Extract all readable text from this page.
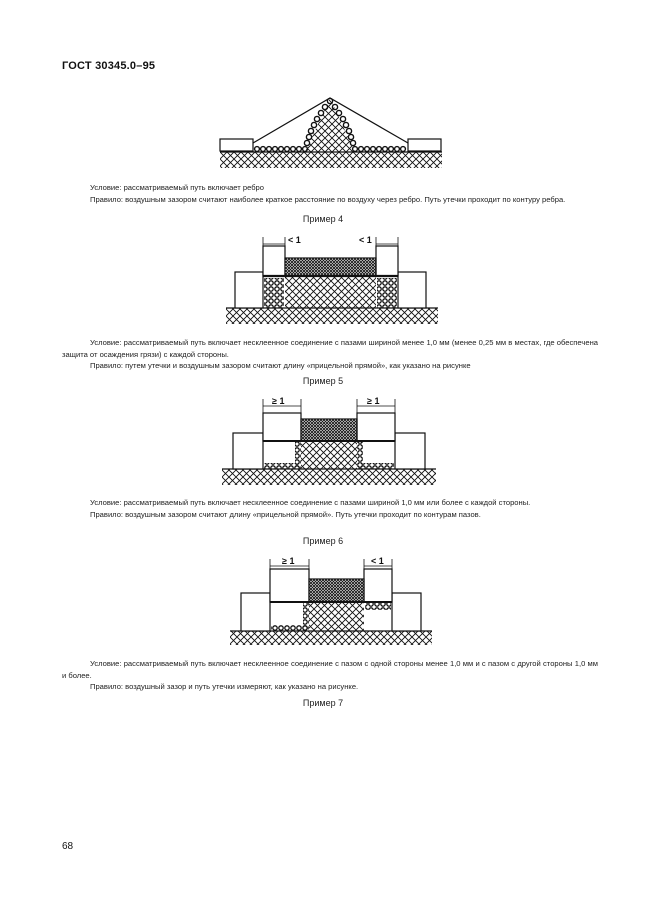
ГОСТ 30345.0–95

Условие: рассматриваемый путь включает ребро

Правило: воздушным зазором считают наиболее краткое расстояние по воздуху через ребро. Путь утечки проходит по контуру ребра.

Пример 4
< 1	< 1

Условие: рассматриваемый путь включает несклеенное соединение с пазами шириной менее 1,0 мм (менее 0,25 мм в местах, где обеспечена защита от осаждения грязи) с каждой стороны.

Правило: путем утечки и воздушным зазором считают длину «прицельной прямой», как указано на рисунке

Пример 5
≥ 1	≥ 1

Условие: рассматриваемый путь включает несклеенное соединение с пазами шириной 1,0 мм или более с каждой стороны.

Правило: воздушным зазором считают длину «прицельной прямой». Путь утечки проходит по контурам пазов.

Пример 6
≥ 1	< 1

Условие: рассматриваемый путь включает несклеенное соединение с пазом с одной стороны менее 1,0 мм и с пазом с другой стороны 1,0 мм и более.

Правило: воздушный зазор и путь утечки измеряют, как указано на рисунке.

Пример 7
68
